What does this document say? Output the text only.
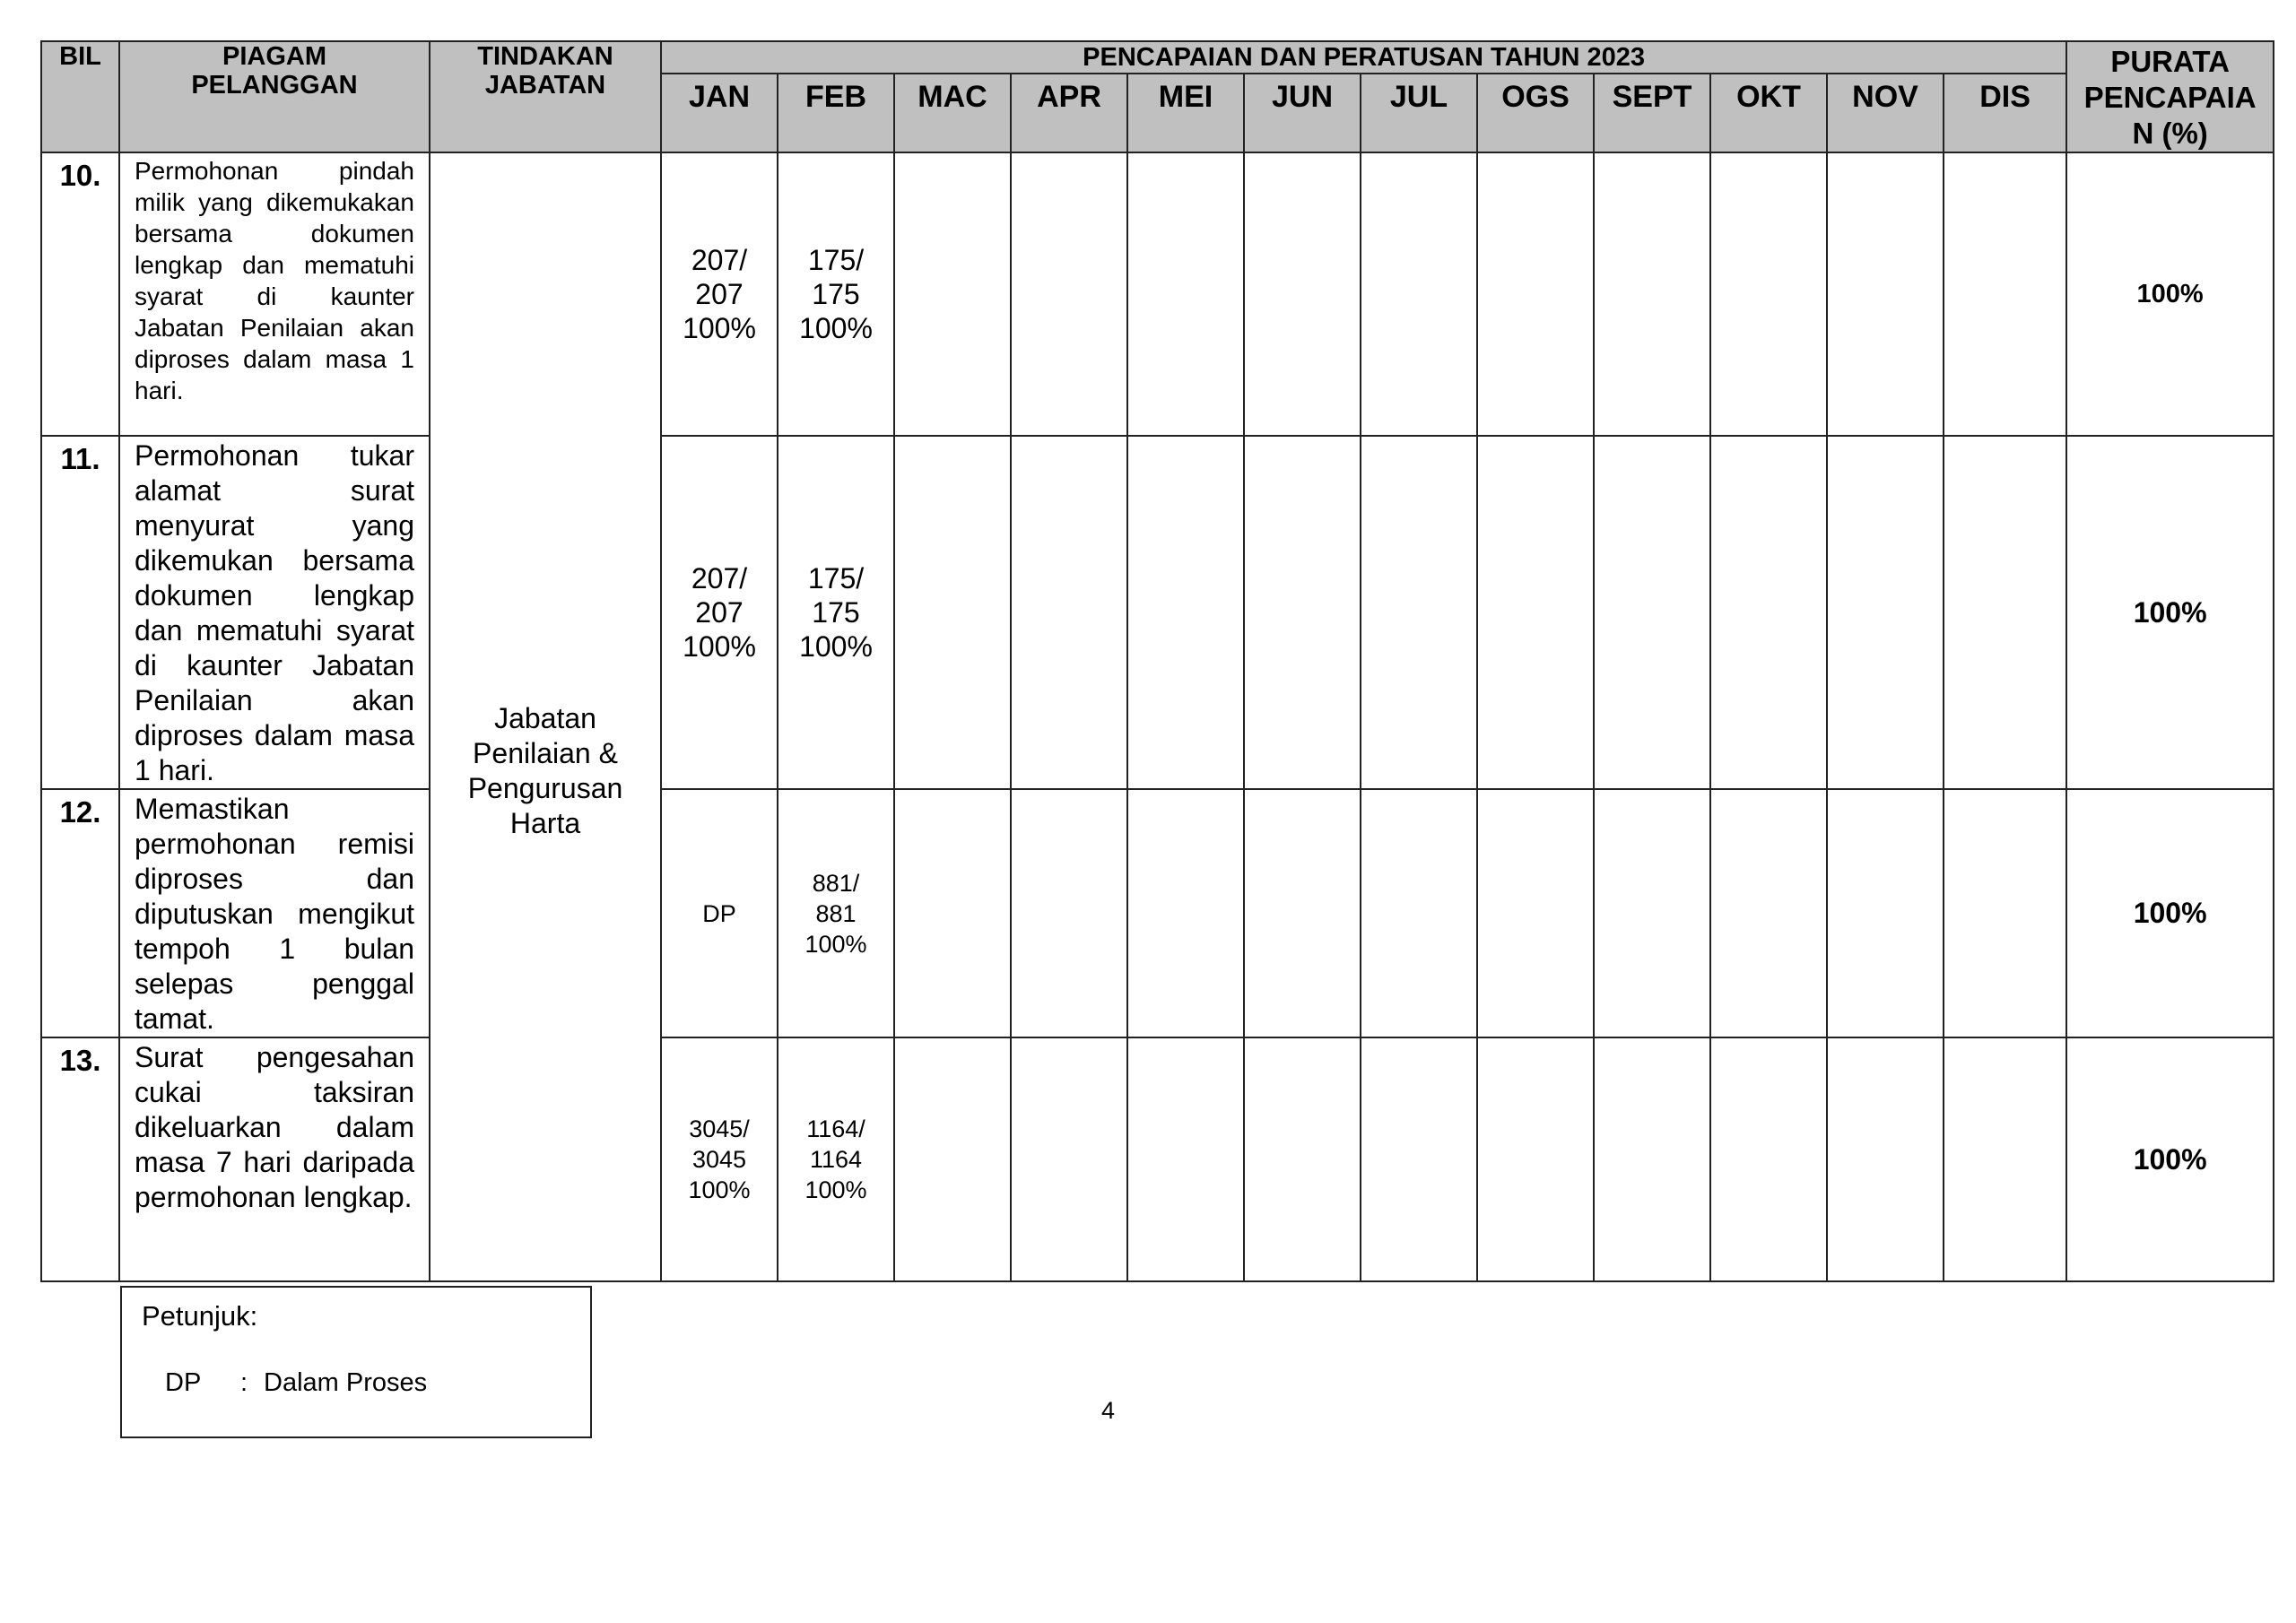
BIL	PIAGAM
PELANGGAN	TINDAKAN
JABATAN	PENCAPAIAN DAN PERATUSAN TAHUN 2023												PURATA
PENCAPAIA
N (%)
			JAN	FEB	MAC	APR	MEI	JUN	JUL	OGS	SEPT	OKT	NOV	DIS	
10.	Permohonan pindah milik yang dikemukakan bersama dokumen lengkap dan mematuhi syarat di kaunter Jabatan Penilaian akan diproses dalam masa 1 hari.	Jabatan
Penilaian &
Pengurusan
Harta	207/
207
100%	175/
175
100%											100%
11.	Permohonan tukar alamat surat menyurat yang dikemukan bersama dokumen lengkap dan mematuhi syarat di kaunter Jabatan Penilaian akan diproses dalam masa 1 hari.		207/
207
100%	175/
175
100%											100%
12.	Memastikan permohonan remisi diproses dan diputuskan mengikut tempoh 1 bulan selepas penggal tamat.		DP	881/
881
100%											100%
13.	Surat pengesahan cukai taksiran dikeluarkan dalam masa 7 hari daripada permohonan lengkap.		3045/
3045
100%	1164/
1164
100%											100%
Petunjuk:
DP : Dalam Proses
4
